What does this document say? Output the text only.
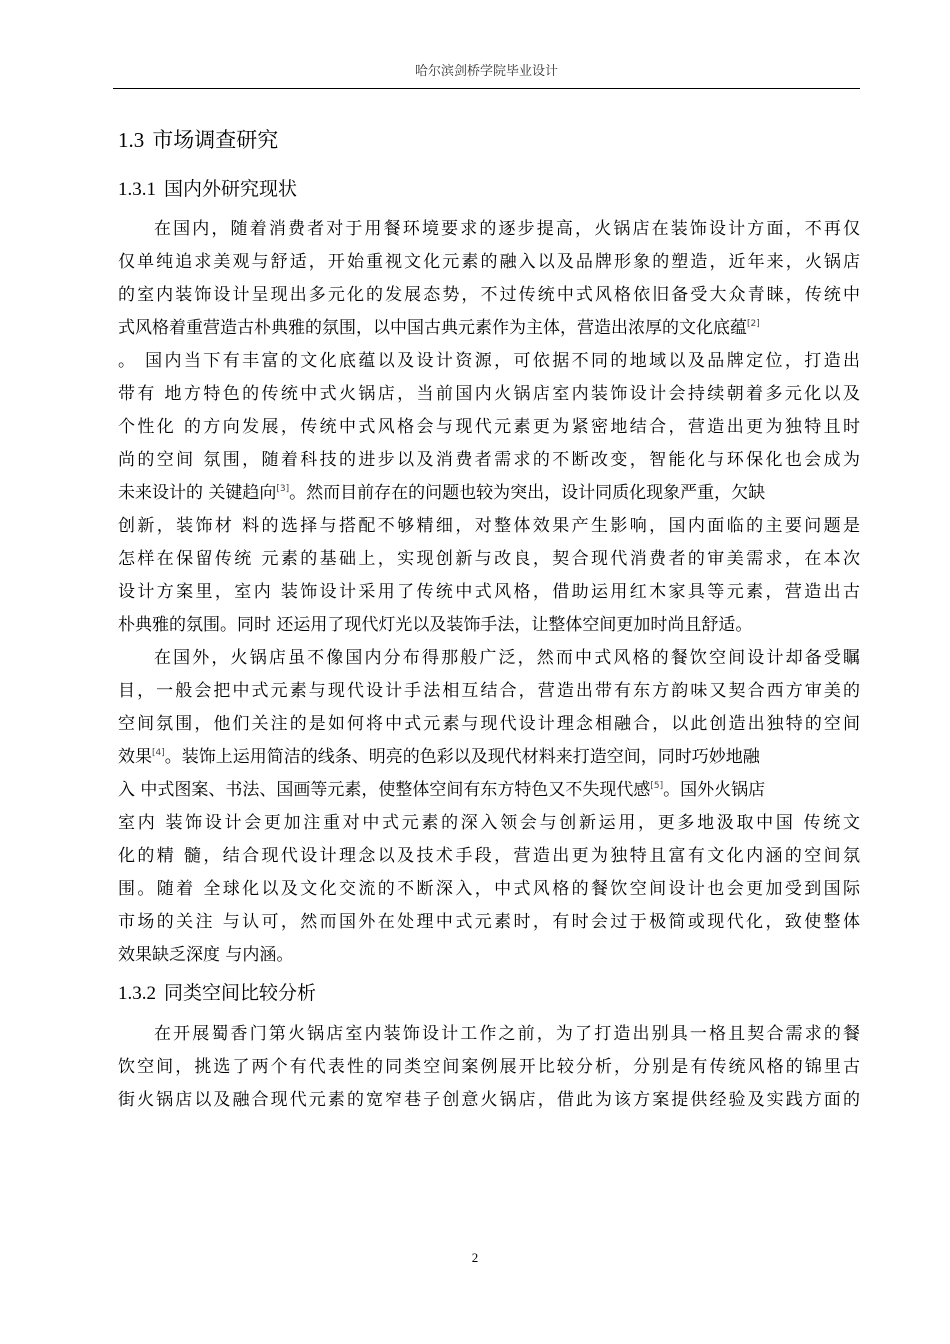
哈尔滨剑桥学院毕业设计
1.3 市场调查研究
1.3.1 国内外研究现状
在国内，随着消费者对于用餐环境要求的逐步提高，火锅店在装饰设计方面，不再仅
仅单纯追求美观与舒适，开始重视文化元素的融入以及品牌形象的塑造，近年来，火锅店
的室内装饰设计呈现出多元化的发展态势，不过传统中式风格依旧备受大众青睐，传统中
式风格着重营造古朴典雅的氛围，以中国古典元素作为主体，营造出浓厚的文化底蕴[2]
。 国内当下有丰富的文化底蕴以及设计资源，可依据不同的地域以及品牌定位，打造出
带有 地方特色的传统中式火锅店，当前国内火锅店室内装饰设计会持续朝着多元化以及
个性化 的方向发展，传统中式风格会与现代元素更为紧密地结合，营造出更为独特且时
尚的空间 氛围，随着科技的进步以及消费者需求的不断改变，智能化与环保化也会成为
未来设计的 关键趋向[3]。然而目前存在的问题也较为突出，设计同质化现象严重，欠缺
创新，装饰材 料的选择与搭配不够精细，对整体效果产生影响，国内面临的主要问题是
怎样在保留传统 元素的基础上，实现创新与改良，契合现代消费者的审美需求，在本次
设计方案里，室内 装饰设计采用了传统中式风格，借助运用红木家具等元素，营造出古
朴典雅的氛围。同时 还运用了现代灯光以及装饰手法，让整体空间更加时尚且舒适。
在国外，火锅店虽不像国内分布得那般广泛，然而中式风格的餐饮空间设计却备受瞩
目，一般会把中式元素与现代设计手法相互结合，营造出带有东方韵味又契合西方审美的
空间氛围，他们关注的是如何将中式元素与现代设计理念相融合，以此创造出独特的空间
效果[4]。装饰上运用简洁的线条、明亮的色彩以及现代材料来打造空间，同时巧妙地融
入 中式图案、书法、国画等元素，使整体空间有东方特色又不失现代感[5]。国外火锅店
室内 装饰设计会更加注重对中式元素的深入领会与创新运用，更多地汲取中国 传统文
化的精 髓，结合现代设计理念以及技术手段，营造出更为独特且富有文化内涵的空间氛
围。随着 全球化以及文化交流的不断深入，中式风格的餐饮空间设计也会更加受到国际
市场的关注 与认可，然而国外在处理中式元素时，有时会过于极简或现代化，致使整体
效果缺乏深度 与内涵。
1.3.2 同类空间比较分析
在开展蜀香门第火锅店室内装饰设计工作之前，为了打造出别具一格且契合需求的餐
饮空间，挑选了两个有代表性的同类空间案例展开比较分析，分别是有传统风格的锦里古
街火锅店以及融合现代元素的宽窄巷子创意火锅店，借此为该方案提供经验及实践方面的
2
